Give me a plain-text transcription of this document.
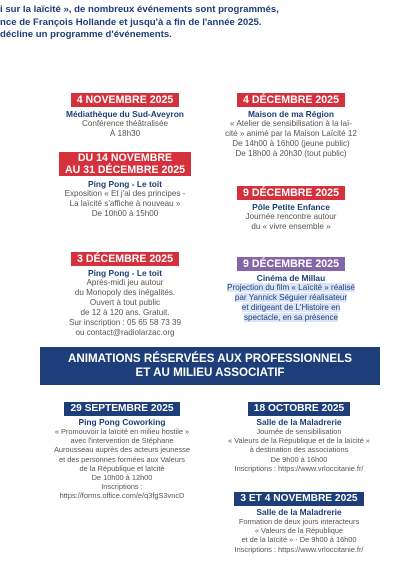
i sur la laïcité », de nombreux événements sont programmés,
nce de François Hollande et jusqu'à a fin de l'année 2025.
décline un programme d'événements.
4 NOVEMBRE 2025
Médiathèque du Sud-Aveyron
Conférence théâtralisée
À 18h30
DU 14 NOVEMBRE
AU 31 DÉCEMBRE 2025
Ping Pong - Le toit
Exposition « Et j'ai des principes -
La laïcité s'affiche à nouveau »
De 10h00 à 15h00
3 DÉCEMBRE 2025
Ping Pong - Le toit
Après-midi jeu autour
du Monopoly des inégalités.
Ouvert à tout public
de 12 à 120 ans. Gratuit.
Sur inscription : 05 65 58 73 39
ou contact@radiolarzac.org
4 DÉCEMBRE 2025
Maison de ma Région
« Atelier de sensibilisation à la laï-
cité » animé par la Maison Laïcité 12
De 14h00 à 16h00 (jeune public)
De 18h00 à 20h30 (tout public)
9 DÉCEMBRE 2025
Pôle Petite Enfance
Journée rencontre autour
du « vivre ensemble »
9 DÉCEMBRE 2025
Cinéma de Millau
Projection du film « Laïcité » réalisé
par Yannick Séguier réalisateur
et dirigeant de L'Histoire en
spectacle, en sa présence
ANIMATIONS RÉSERVÉES AUX PROFESSIONNELS
ET AU MILIEU ASSOCIATIF
29 SEPTEMBRE 2025
Ping Pong Coworking
« Promouvoir la laïcité en milieu hostile »
avec l'intervention de Stéphane
Aurousseau auprès des acteurs jeunesse
et des personnes formées aux Valeurs
de la République et laïcité
De 10h00 à 12h00
Inscriptions :
https://forms.office.com/e/q3fgS3vncD
18 OCTOBRE 2025
Salle de la Maladrerie
Journée de sensibilisation
« Valeurs de la République et de la laïcité »
à destination des associations
De 9h00 à 16h00
Inscriptions : https://www.vrloccitanie.fr/
3 ET 4 NOVEMBRE 2025
Salle de la Maladrerie
Formation de deux jours interacteurs
« Valeurs de la République
et de la laïcité » - De 9h00 à 16h00
Inscriptions : https://www.vrloccitanie.fr/
